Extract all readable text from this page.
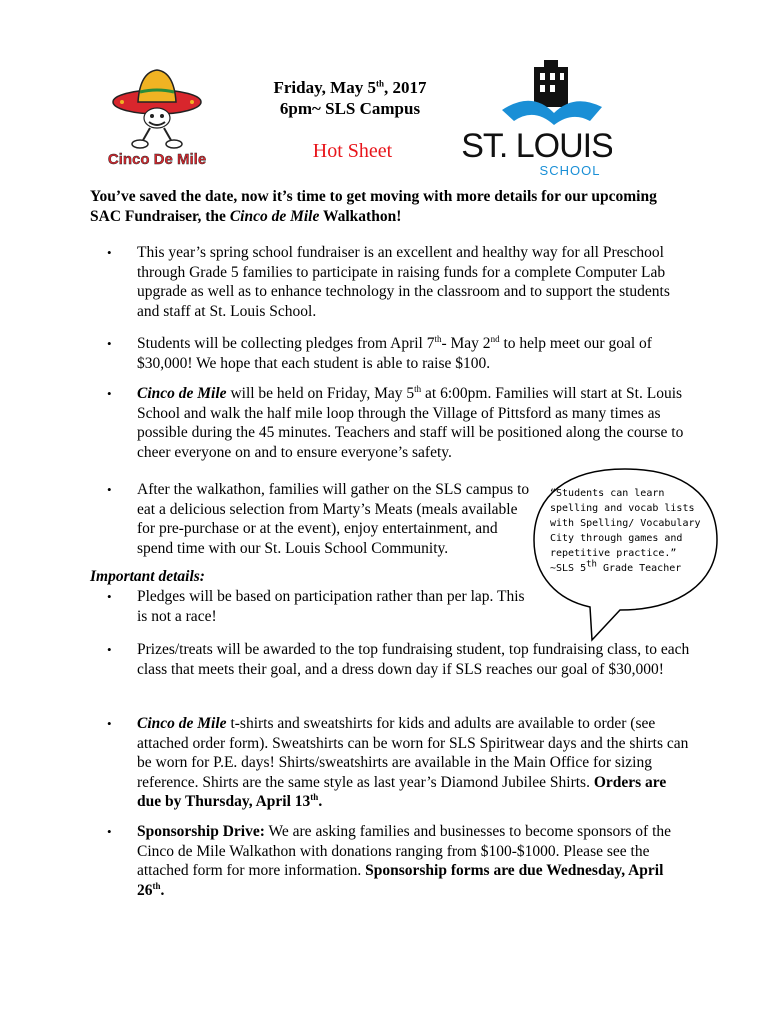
Cinco De Mile
Friday, May 5th, 2017
6pm~ SLS Campus
Hot Sheet	ST. LOUIS
SCHOOL
You’ve saved the date, now it’s time to get moving with more details for our upcoming SAC Fundraiser, the Cinco de Mile Walkathon!
• This year’s spring school fundraiser is an excellent and healthy way for all Preschool through Grade 5 families to participate in raising funds for a complete Computer Lab upgrade as well as to enhance technology in the classroom and to support the students and staff at St. Louis School.
• Students will be collecting pledges from April 7th- May 2nd to help meet our goal of $30,000! We hope that each student is able to raise $100.
• Cinco de Mile will be held on Friday, May 5th at 6:00pm. Families will start at St. Louis School and walk the half mile loop through the Village of Pittsford as many times as possible during the 45 minutes. Teachers and staff will be positioned along the course to cheer everyone on and to ensure everyone’s safety.
• After the walkathon, families will gather on the SLS campus to eat a delicious selection from Marty’s Meats (meals available for pre-purchase or at the event), enjoy entertainment, and spend time with our St. Louis School Community.
Important details:
• Pledges will be based on participation rather than per lap. This is not a race!
• Prizes/treats will be awarded to the top fundraising student, top fundraising class, to each class that meets their goal, and a dress down day if SLS reaches our goal of $30,000!
• Cinco de Mile t-shirts and sweatshirts for kids and adults are available to order (see attached order form). Sweatshirts can be worn for SLS Spiritwear days and the shirts can be worn for P.E. days! Shirts/sweatshirts are available in the Main Office for sizing reference. Shirts are the same style as last year’s Diamond Jubilee Shirts. Orders are due by Thursday, April 13th.
• Sponsorship Drive: We are asking families and businesses to become sponsors of the Cinco de Mile Walkathon with donations ranging from $100-$1000. Please see the attached form for more information. Sponsorship forms are due Wednesday, April 26th.
“Students can learn spelling and vocab lists with Spelling/ Vocabulary City through games and repetitive practice.”
~SLS 5th Grade Teacher
